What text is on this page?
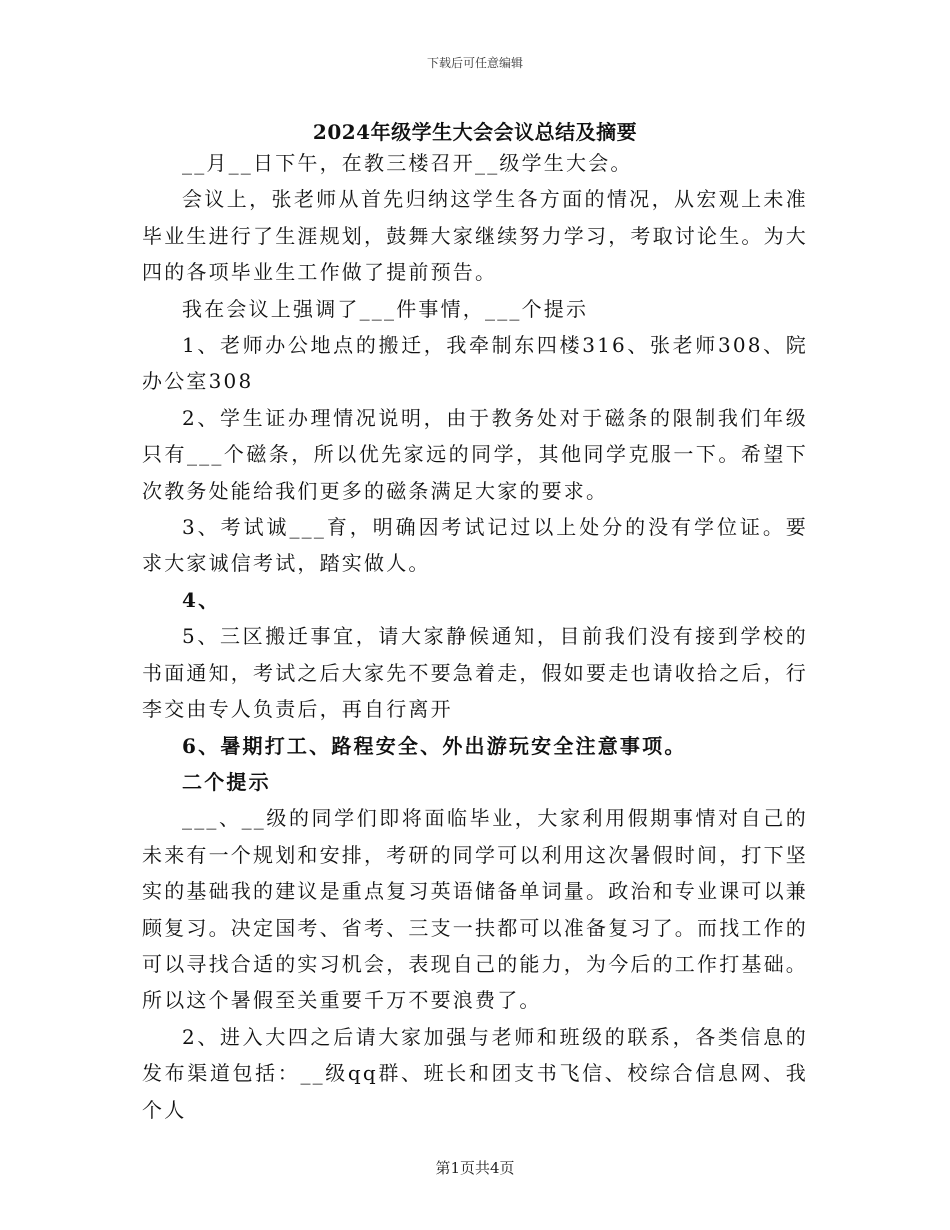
下载后可任意编辑
2024年级学生大会会议总结及摘要

__月__日下午，在教三楼召开__级学生大会。

会议上，张老师从首先归纳这学生各方面的情况，从宏观上未准毕业生进行了生涯规划，鼓舞大家继续努力学习，考取讨论生。为大四的各项毕业生工作做了提前预告。

我在会议上强调了___件事情，___个提示

1、老师办公地点的搬迁，我牵制东四楼316、张老师308、院办公室308

2、学生证办理情况说明，由于教务处对于磁条的限制我们年级只有___个磁条，所以优先家远的同学，其他同学克服一下。希望下次教务处能给我们更多的磁条满足大家的要求。

3、考试诚___育，明确因考试记过以上处分的没有学位证。要求大家诚信考试，踏实做人。

4、

5、三区搬迁事宜，请大家静候通知，目前我们没有接到学校的书面通知，考试之后大家先不要急着走，假如要走也请收拾之后，行李交由专人负责后，再自行离开

6、暑期打工、路程安全、外出游玩安全注意事项。

二个提示

___、__级的同学们即将面临毕业，大家利用假期事情对自己的未来有一个规划和安排，考研的同学可以利用这次暑假时间，打下坚实的基础我的建议是重点复习英语储备单词量。政治和专业课可以兼顾复习。决定国考、省考、三支一扶都可以准备复习了。而找工作的可以寻找合适的实习机会，表现自己的能力，为今后的工作打基础。所以这个暑假至关重要千万不要浪费了。

2、进入大四之后请大家加强与老师和班级的联系，各类信息的发布渠道包括：__级qq群、班长和团支书飞信、校综合信息网、我个人

第1页共4页
